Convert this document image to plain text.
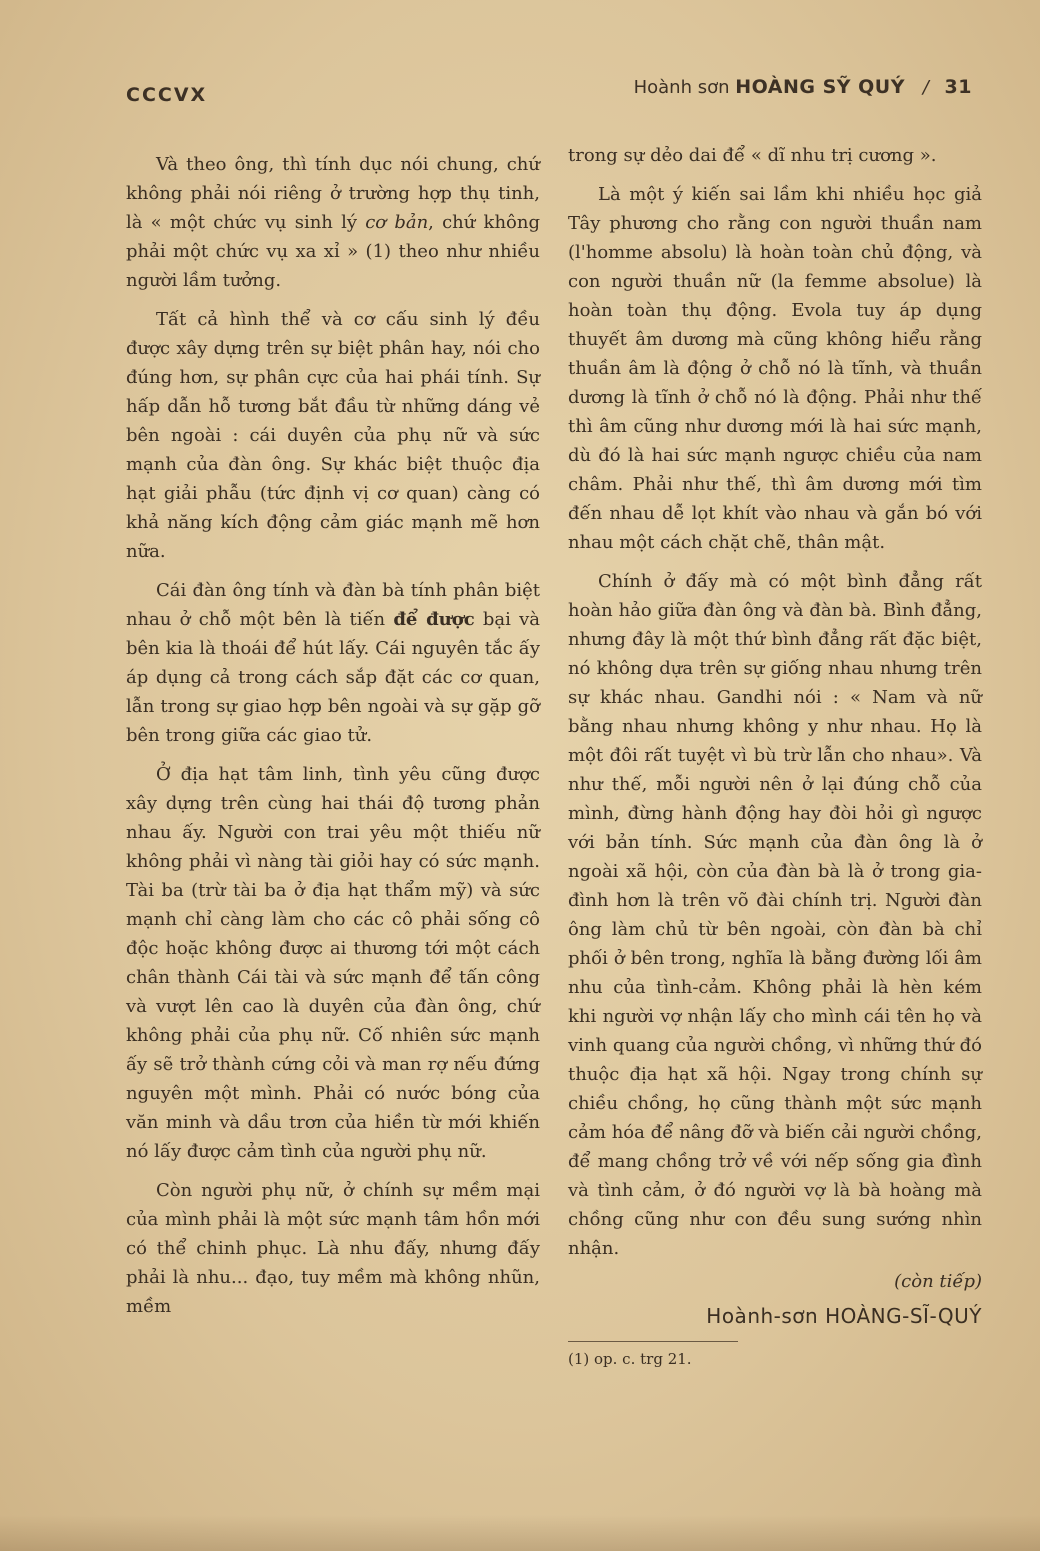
CCCVX	Hoành sơn HOÀNG SỸ QUÝ / 31

Và theo ông, thì tính dục nói chung, chứ không phải nói riêng ở trường hợp thụ tinh, là « một chức vụ sinh lý cơ bản, chứ không phải một chức vụ xa xỉ » (1) theo như nhiều người lầm tưởng.

Tất cả hình thể và cơ cấu sinh lý đều được xây dựng trên sự biệt phân hay, nói cho đúng hơn, sự phân cực của hai phái tính. Sự hấp dẫn hỗ tương bắt đầu từ những dáng vẻ bên ngoài : cái duyên của phụ nữ và sức mạnh của đàn ông. Sự khác biệt thuộc địa hạt giải phẫu (tức định vị cơ quan) càng có khả năng kích động cảm giác mạnh mẽ hơn nữa.

Cái đàn ông tính và đàn bà tính phân biệt nhau ở chỗ một bên là tiến để được bại và bên kia là thoái để hút lấy. Cái nguyên tắc ấy áp dụng cả trong cách sắp đặt các cơ quan, lẫn trong sự giao hợp bên ngoài và sự gặp gỡ bên trong giữa các giao tử.

Ở địa hạt tâm linh, tình yêu cũng được xây dựng trên cùng hai thái độ tương phản nhau ấy. Người con trai yêu một thiếu nữ không phải vì nàng tài giỏi hay có sức mạnh. Tài ba (trừ tài ba ở địa hạt thẩm mỹ) và sức mạnh chỉ càng làm cho các cô phải sống cô độc hoặc không được ai thương tới một cách chân thành Cái tài và sức mạnh để tấn công và vượt lên cao là duyên của đàn ông, chứ không phải của phụ nữ. Cố nhiên sức mạnh ấy sẽ trở thành cứng cỏi và man rợ nếu đứng nguyên một mình. Phải có nước bóng của văn minh và dầu trơn của hiền từ mới khiến nó lấy được cảm tình của người phụ nữ.

Còn người phụ nữ, ở chính sự mềm mại của mình phải là một sức mạnh tâm hồn mới có thể chinh phục. Là nhu đấy, nhưng đấy phải là nhu... đạo, tuy mềm mà không nhũn, mềm

trong sự dẻo dai để « dĩ nhu trị cương ».

Là một ý kiến sai lầm khi nhiều học giả Tây phương cho rằng con người thuần nam (l'homme absolu) là hoàn toàn chủ động, và con người thuần nữ (la femme absolue) là hoàn toàn thụ động. Evola tuy áp dụng thuyết âm dương mà cũng không hiểu rằng thuần âm là động ở chỗ nó là tĩnh, và thuần dương là tĩnh ở chỗ nó là động. Phải như thế thì âm cũng như dương mới là hai sức mạnh, dù đó là hai sức mạnh ngược chiều của nam châm. Phải như thế, thì âm dương mới tìm đến nhau dễ lọt khít vào nhau và gắn bó với nhau một cách chặt chẽ, thân mật.

Chính ở đấy mà có một bình đẳng rất hoàn hảo giữa đàn ông và đàn bà. Bình đẳng, nhưng đây là một thứ bình đẳng rất đặc biệt, nó không dựa trên sự giống nhau nhưng trên sự khác nhau. Gandhi nói : « Nam và nữ bằng nhau nhưng không y như nhau. Họ là một đôi rất tuyệt vì bù trừ lẫn cho nhau». Và như thế, mỗi người nên ở lại đúng chỗ của mình, đừng hành động hay đòi hỏi gì ngược với bản tính. Sức mạnh của đàn ông là ở ngoài xã hội, còn của đàn bà là ở trong gia-đình hơn là trên võ đài chính trị. Người đàn ông làm chủ từ bên ngoài, còn đàn bà chỉ phối ở bên trong, nghĩa là bằng đường lối âm nhu của tình-cảm. Không phải là hèn kém khi người vợ nhận lấy cho mình cái tên họ và vinh quang của người chồng, vì những thứ đó thuộc địa hạt xã hội. Ngay trong chính sự chiều chồng, họ cũng thành một sức mạnh cảm hóa để nâng đỡ và biến cải người chồng, để mang chồng trở về với nếp sống gia đình và tình cảm, ở đó người vợ là bà hoàng mà chồng cũng như con đều sung sướng nhìn nhận.

(còn tiếp)
Hoành-sơn HOÀNG-SĨ-QUÝ
(1) op. c. trg 21.
